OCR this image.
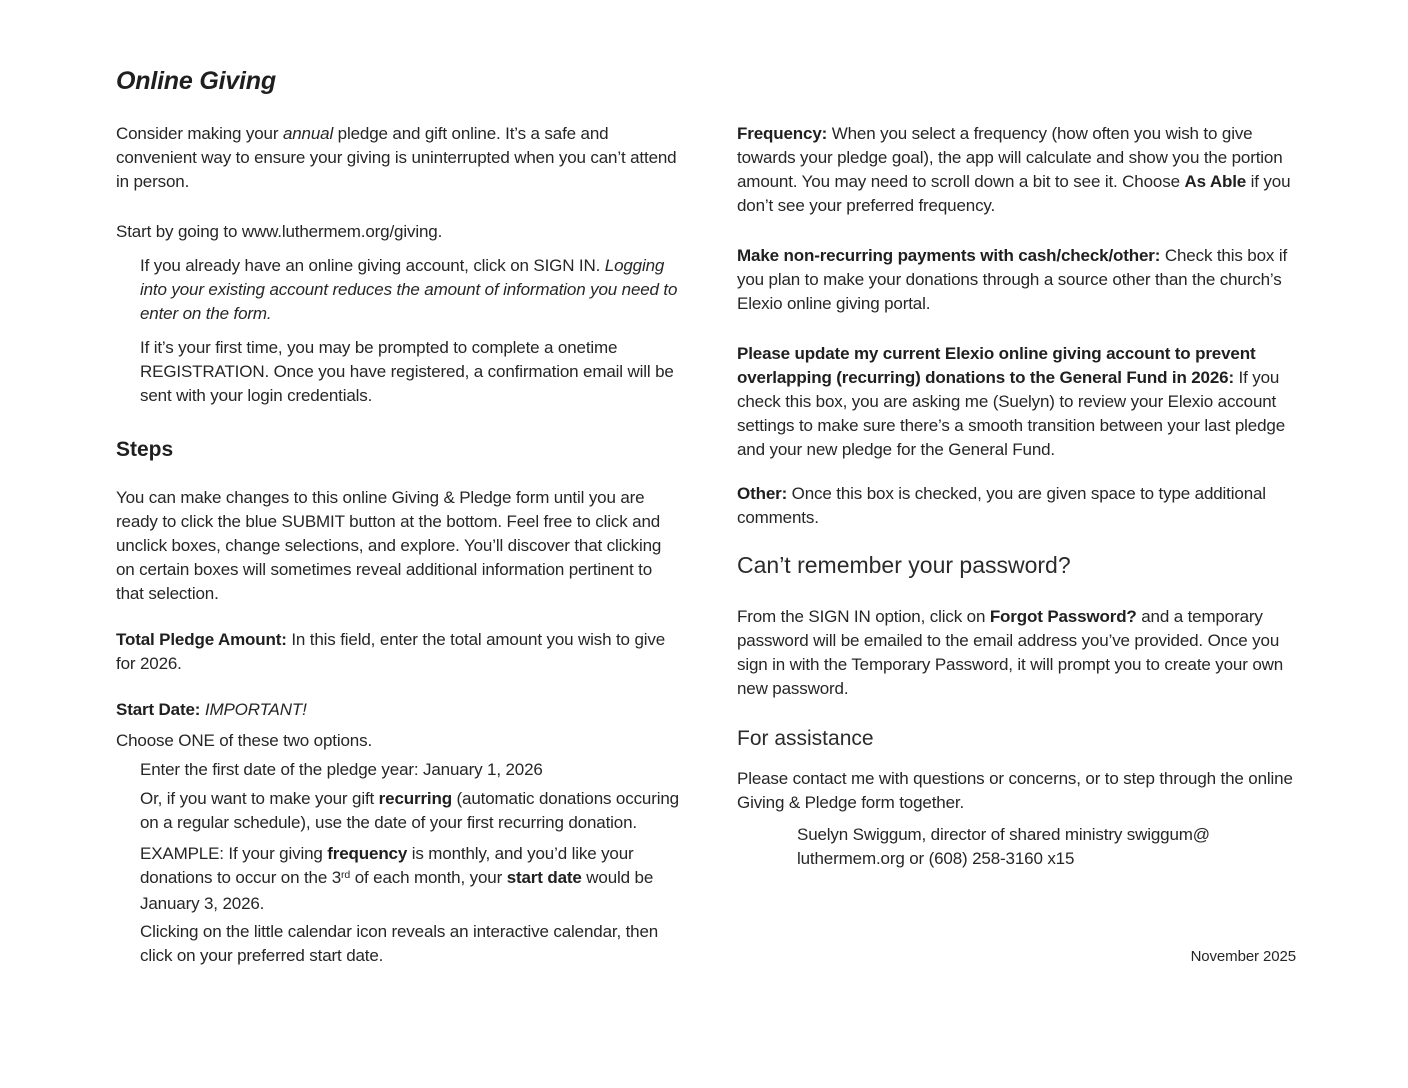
Online Giving

Consider making your annual pledge and gift online. It’s a safe and convenient way to ensure your giving is uninterrupted when you can’t attend in person.

Start by going to www.luthermem.org/giving.

If you already have an online giving account, click on SIGN IN. Logging into your existing account reduces the amount of information you need to enter on the form.

If it’s your first time, you may be prompted to complete a onetime REGISTRATION. Once you have registered, a confirmation email will be sent with your login credentials.

Steps

You can make changes to this online Giving & Pledge form until you are ready to click the blue SUBMIT button at the bottom. Feel free to click and unclick boxes, change selections, and explore. You’ll discover that clicking on certain boxes will sometimes reveal additional information pertinent to that selection.

Total Pledge Amount: In this field, enter the total amount you wish to give for 2026.

Start Date: IMPORTANT!

Choose ONE of these two options.

Enter the first date of the pledge year: January 1, 2026

Or, if you want to make your gift recurring (automatic donations occuring on a regular schedule), use the date of your first recurring donation.

EXAMPLE: If your giving frequency is monthly, and you’d like your donations to occur on the 3rd of each month, your start date would be January 3, 2026.

Clicking on the little calendar icon reveals an interactive calendar, then click on your preferred start date.

Frequency: When you select a frequency (how often you wish to give towards your pledge goal), the app will calculate and show you the portion amount. You may need to scroll down a bit to see it. Choose As Able if you don’t see your preferred frequency.

Make non-recurring payments with cash/check/other: Check this box if you plan to make your donations through a source other than the church’s Elexio online giving portal.

Please update my current Elexio online giving account to prevent overlapping (recurring) donations to the General Fund in 2026: If you check this box, you are asking me (Suelyn) to review your Elexio account settings to make sure there’s a smooth transition between your last pledge and your new pledge for the General Fund.

Other: Once this box is checked, you are given space to type additional comments.

Can’t remember your password?

From the SIGN IN option, click on Forgot Password? and a temporary password will be emailed to the email address you’ve provided. Once you sign in with the Temporary Password, it will prompt you to create your own new password.

For assistance

Please contact me with questions or concerns, or to step through the online Giving & Pledge form together.

Suelyn Swiggum, director of shared ministry swiggum@
luthermem.org or (608) 258-3160 x15

November 2025
